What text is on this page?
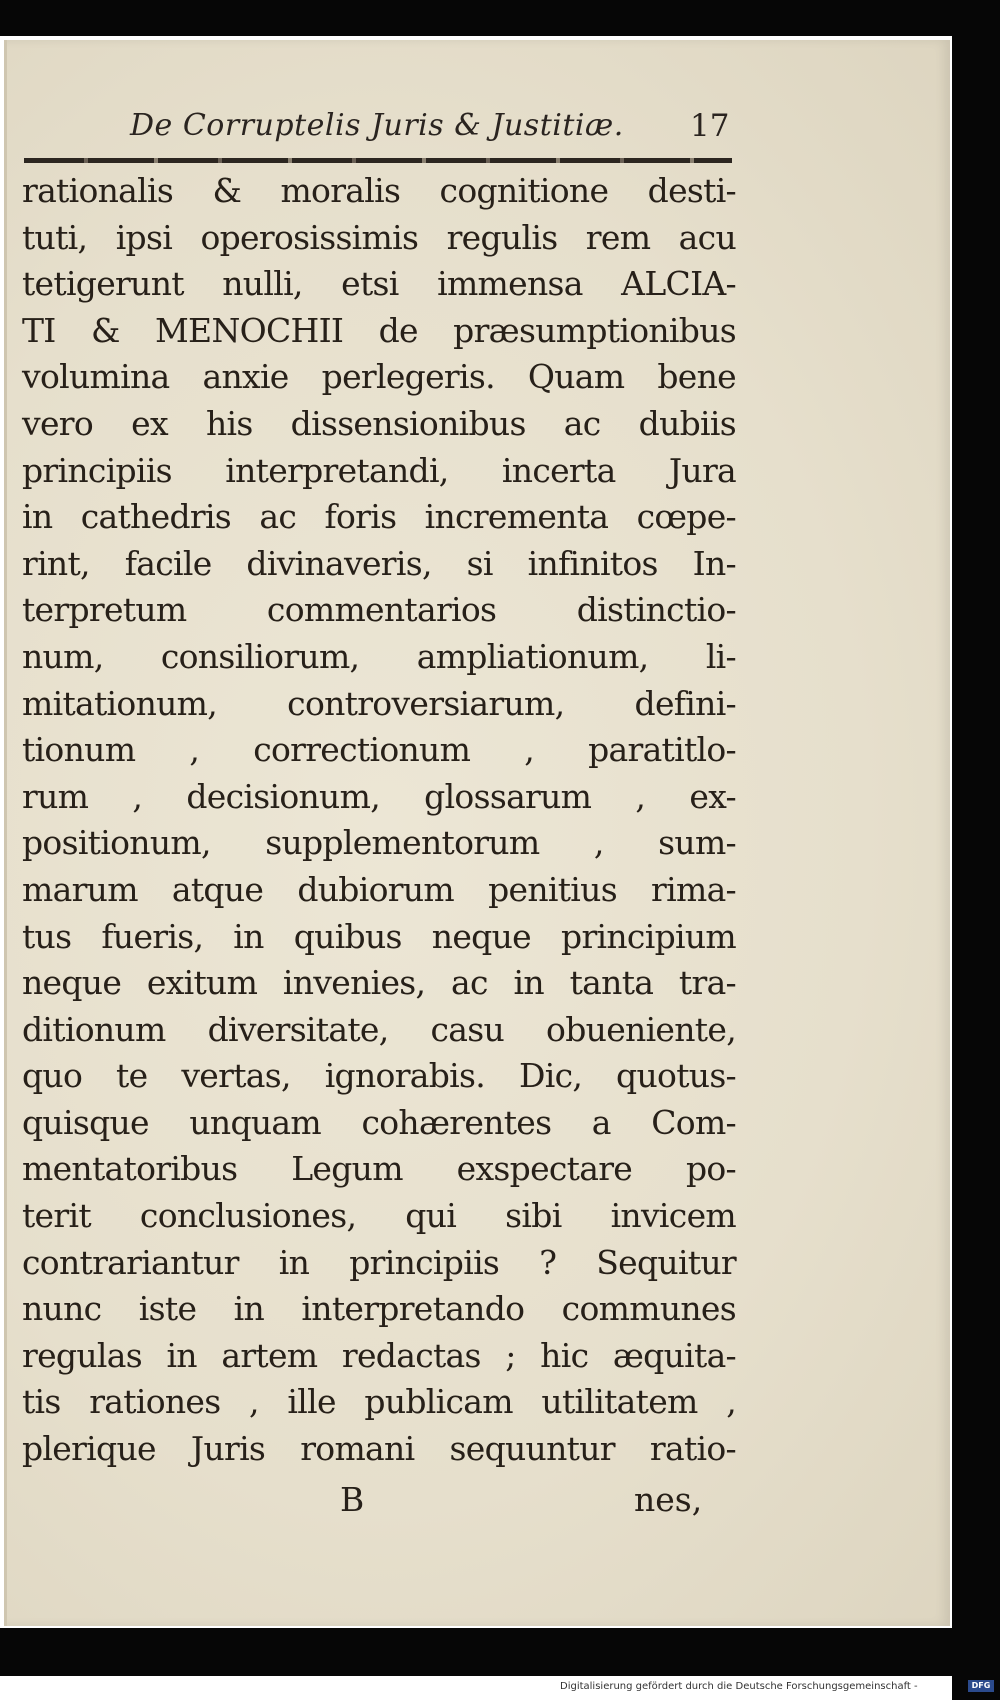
De Corruptelis Juris & Justitiæ. 17
rationalis & moralis cognitione desti-
tuti, ipsi operosissimis regulis rem acu
tetigerunt nulli, etsi immensa ALCIA-
TI & MENOCHII de præsumptionibus
volumina anxie perlegeris. Quam bene
vero ex his dissensionibus ac dubiis
principiis interpretandi, incerta Jura
in cathedris ac foris incrementa cœpe-
rint, facile divinaveris, si infinitos In-
terpretum commentarios distinctio-
num, consiliorum, ampliationum, li-
mitationum, controversiarum, defini-
tionum , correctionum , paratitlo-
rum , decisionum, glossarum , ex-
positionum, supplementorum , sum-
marum atque dubiorum penitius rima-
tus fueris, in quibus neque principium
neque exitum invenies, ac in tanta tra-
ditionum diversitate, casu obueniente,
quo te vertas, ignorabis. Dic, quotus-
quisque unquam cohærentes a Com-
mentatoribus Legum exspectare po-
terit conclusiones, qui sibi invicem
contrariantur in principiis ? Sequitur
nunc iste in interpretando communes
regulas in artem redactas ; hic æquita-
tis rationes , ille publicam utilitatem ,
plerique Juris romani sequuntur ratio-
B	nes,
Digitalisierung gefördert durch die Deutsche Forschungsgemeinschaft -	DFG
